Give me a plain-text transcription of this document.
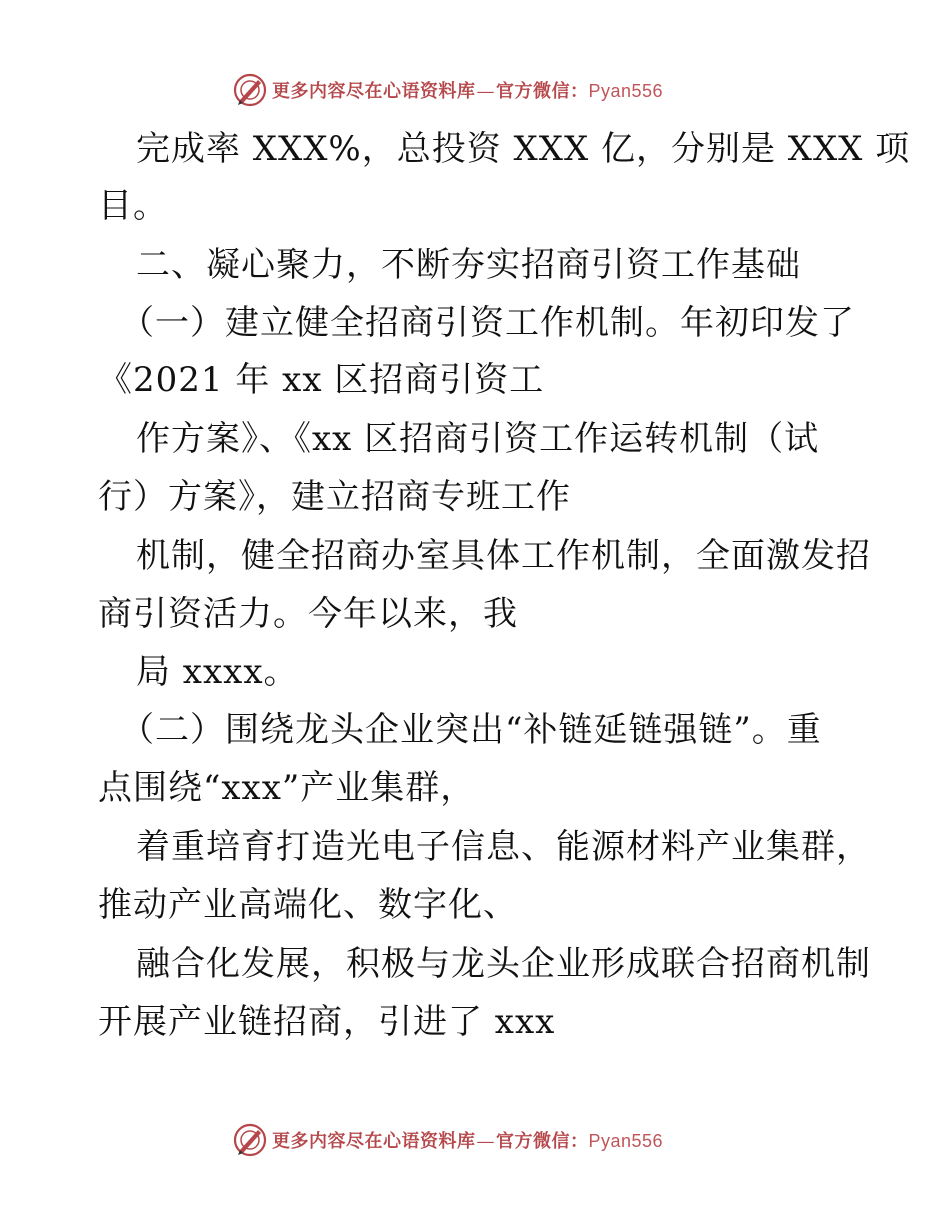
更多内容尽在心语资料库—官方微信：Pyan556
完成率 XXX%，总投资 XXX 亿，分别是 XXX 项
目。
二、凝心聚力，不断夯实招商引资工作基础
（一）建立健全招商引资工作机制。年初印发了
《2021 年 xx 区招商引资工
作方案》、《xx 区招商引资工作运转机制（试
行）方案》，建立招商专班工作
机制，健全招商办室具体工作机制，全面激发招
商引资活力。今年以来，我
局 xxxx。
（二）围绕龙头企业突出“补链延链强链”。重
点围绕“xxx”产业集群，
着重培育打造光电子信息、能源材料产业集群，
推动产业高端化、数字化、
融合化发展，积极与龙头企业形成联合招商机制
开展产业链招商，引进了 xxx
更多内容尽在心语资料库—官方微信：Pyan556
